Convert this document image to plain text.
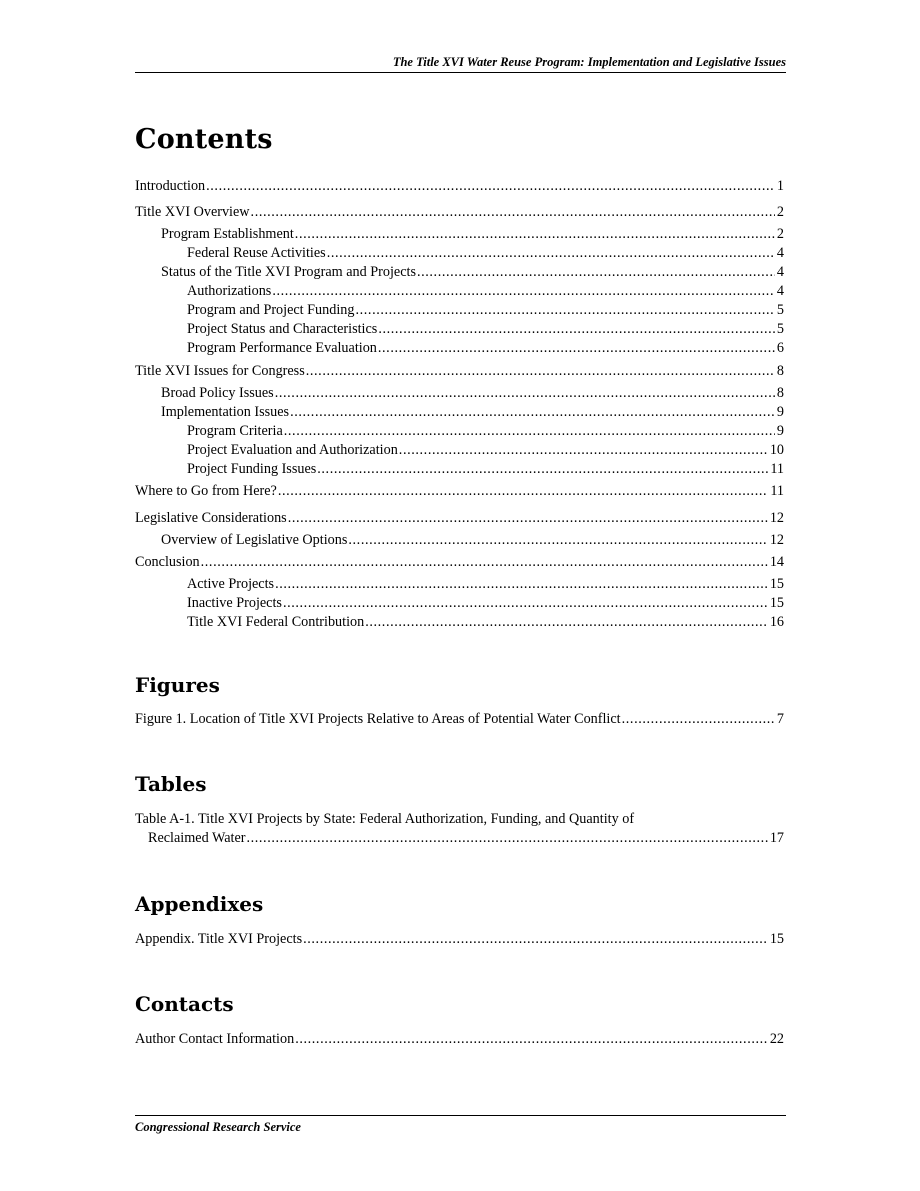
The Title XVI Water Reuse Program: Implementation and Legislative Issues
Contents
Introduction .....	1
Title XVI Overview .....	2
Program Establishment .....	2
Federal Reuse Activities .....	4
Status of the Title XVI Program and Projects .....	4
Authorizations .....	4
Program and Project Funding .....	5
Project Status and Characteristics .....	5
Program Performance Evaluation .....	6
Title XVI Issues for Congress .....	8
Broad Policy Issues .....	8
Implementation Issues .....	9
Program Criteria .....	9
Project Evaluation and Authorization .....	10
Project Funding Issues .....	11
Where to Go from Here? .....	11
Legislative Considerations .....	12
Overview of Legislative Options .....	12
Conclusion .....	14
Active Projects .....	15
Inactive Projects .....	15
Title XVI Federal Contribution .....	16
Figures
Figure 1. Location of Title XVI Projects Relative to Areas of Potential Water Conflict .....	7
Tables
Table A-1. Title XVI Projects by State: Federal Authorization, Funding, and Quantity of
Reclaimed Water .....	17
Appendixes
Appendix. Title XVI Projects .....	15
Contacts
Author Contact Information .....	22
Congressional Research Service
